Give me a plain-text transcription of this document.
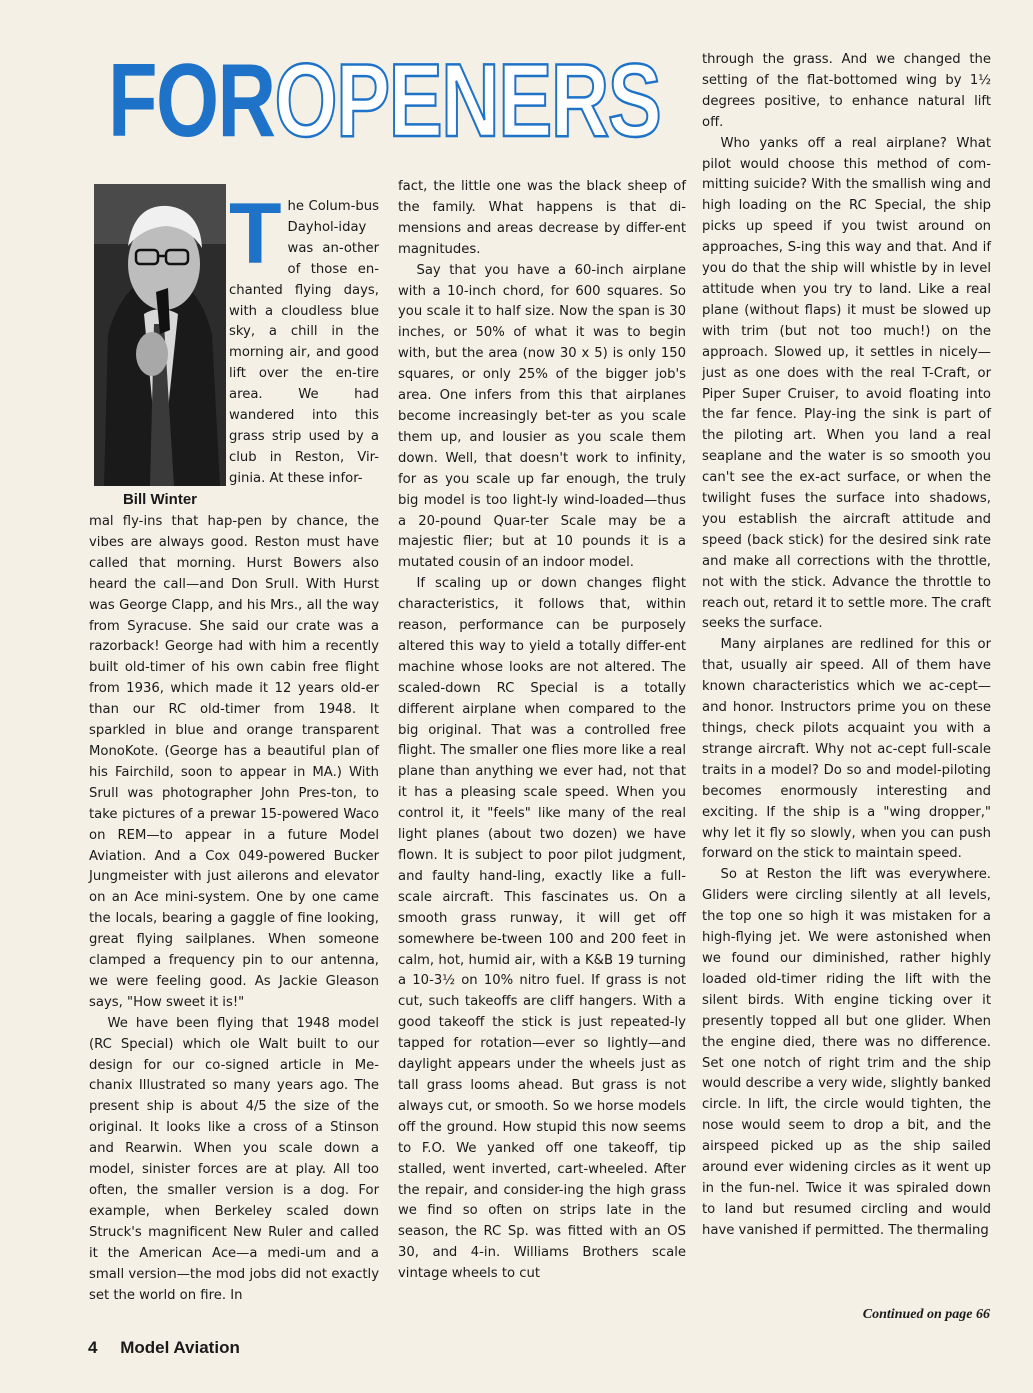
FOROPENERS
Bill Winter
T he Colum-bus Dayhol-iday was an-other of those en-chanted flying days, with a cloudless blue sky, a chill in the morning air, and good lift over the en-tire area. We had wandered into this grass strip used by a club in Reston, Vir-ginia. At these infor-

mal fly-ins that hap-pen by chance, the vibes are always good. Reston must have called that morning. Hurst Bowers also heard the call—and Don Srull. With Hurst was George Clapp, and his Mrs., all the way from Syracuse. She said our crate was a razorback! George had with him a recently built old-timer of his own cabin free flight from 1936, which made it 12 years old-er than our RC old-timer from 1948. It sparkled in blue and orange transparent MonoKote. (George has a beautiful plan of his Fairchild, soon to appear in MA.) With Srull was photographer John Pres-ton, to take pictures of a prewar 15-powered Waco on REM—to appear in a future Model Aviation. And a Cox 049-powered Bucker Jungmeister with just ailerons and elevator on an Ace mini-system. One by one came the locals, bearing a gaggle of fine looking, great flying sailplanes. When someone clamped a frequency pin to our antenna, we were feeling good. As Jackie Gleason says, "How sweet it is!"

We have been flying that 1948 model (RC Special) which ole Walt built to our design for our co-signed article in Me-chanix Illustrated so many years ago. The present ship is about 4/5 the size of the original. It looks like a cross of a Stinson and Rearwin. When you scale down a model, sinister forces are at play. All too often, the smaller version is a dog. For example, when Berkeley scaled down Struck's magnificent New Ruler and called it the American Ace—a medi-um and a small version—the mod jobs did not exactly set the world on fire. In

fact, the little one was the black sheep of the family. What happens is that di-mensions and areas decrease by differ-ent magnitudes.

Say that you have a 60-inch airplane with a 10-inch chord, for 600 squares. So you scale it to half size. Now the span is 30 inches, or 50% of what it was to begin with, but the area (now 30 x 5) is only 150 squares, or only 25% of the bigger job's area. One infers from this that airplanes become increasingly bet-ter as you scale them up, and lousier as you scale them down. Well, that doesn't work to infinity, for as you scale up far enough, the truly big model is too light-ly wind-loaded—thus a 20-pound Quar-ter Scale may be a majestic flier; but at 10 pounds it is a mutated cousin of an indoor model.

If scaling up or down changes flight characteristics, it follows that, within reason, performance can be purposely altered this way to yield a totally differ-ent machine whose looks are not altered. The scaled-down RC Special is a totally different airplane when compared to the big original. That was a controlled free flight. The smaller one flies more like a real plane than anything we ever had, not that it has a pleasing scale speed. When you control it, it "feels" like many of the real light planes (about two dozen) we have flown. It is subject to poor pilot judgment, and faulty hand-ling, exactly like a full-scale aircraft. This fascinates us. On a smooth grass runway, it will get off somewhere be-tween 100 and 200 feet in calm, hot, humid air, with a K&B 19 turning a 10-3½ on 10% nitro fuel. If grass is not cut, such takeoffs are cliff hangers. With a good takeoff the stick is just repeated-ly tapped for rotation—ever so lightly—and daylight appears under the wheels just as tall grass looms ahead. But grass is not always cut, or smooth. So we horse models off the ground. How stupid this now seems to F.O. We yanked off one takeoff, tip stalled, went inverted, cart-wheeled. After the repair, and consider-ing the high grass we find so often on strips late in the season, the RC Sp. was fitted with an OS 30, and 4-in. Williams Brothers scale vintage wheels to cut

through the grass. And we changed the setting of the flat-bottomed wing by 1½ degrees positive, to enhance natural lift off.

Who yanks off a real airplane? What pilot would choose this method of com-mitting suicide? With the smallish wing and high loading on the RC Special, the ship picks up speed if you twist around on approaches, S-ing this way and that. And if you do that the ship will whistle by in level attitude when you try to land. Like a real plane (without flaps) it must be slowed up with trim (but not too much!) on the approach. Slowed up, it settles in nicely—just as one does with the real T-Craft, or Piper Super Cruiser, to avoid floating into the far fence. Play-ing the sink is part of the piloting art. When you land a real seaplane and the water is so smooth you can't see the ex-act surface, or when the twilight fuses the surface into shadows, you establish the aircraft attitude and speed (back stick) for the desired sink rate and make all corrections with the throttle, not with the stick. Advance the throttle to reach out, retard it to settle more. The craft seeks the surface.

Many airplanes are redlined for this or that, usually air speed. All of them have known characteristics which we ac-cept—and honor. Instructors prime you on these things, check pilots acquaint you with a strange aircraft. Why not ac-cept full-scale traits in a model? Do so and model-piloting becomes enormously interesting and exciting. If the ship is a "wing dropper," why let it fly so slowly, when you can push forward on the stick to maintain speed.

So at Reston the lift was everywhere. Gliders were circling silently at all levels, the top one so high it was mistaken for a high-flying jet. We were astonished when we found our diminished, rather highly loaded old-timer riding the lift with the silent birds. With engine ticking over it presently topped all but one glider. When the engine died, there was no difference. Set one notch of right trim and the ship would describe a very wide, slightly banked circle. In lift, the circle would tighten, the nose would seem to drop a bit, and the airspeed picked up as the ship sailed around ever widening circles as it went up in the fun-nel. Twice it was spiraled down to land but resumed circling and would have vanished if permitted. The thermaling

Continued on page 66
4 Model Aviation
